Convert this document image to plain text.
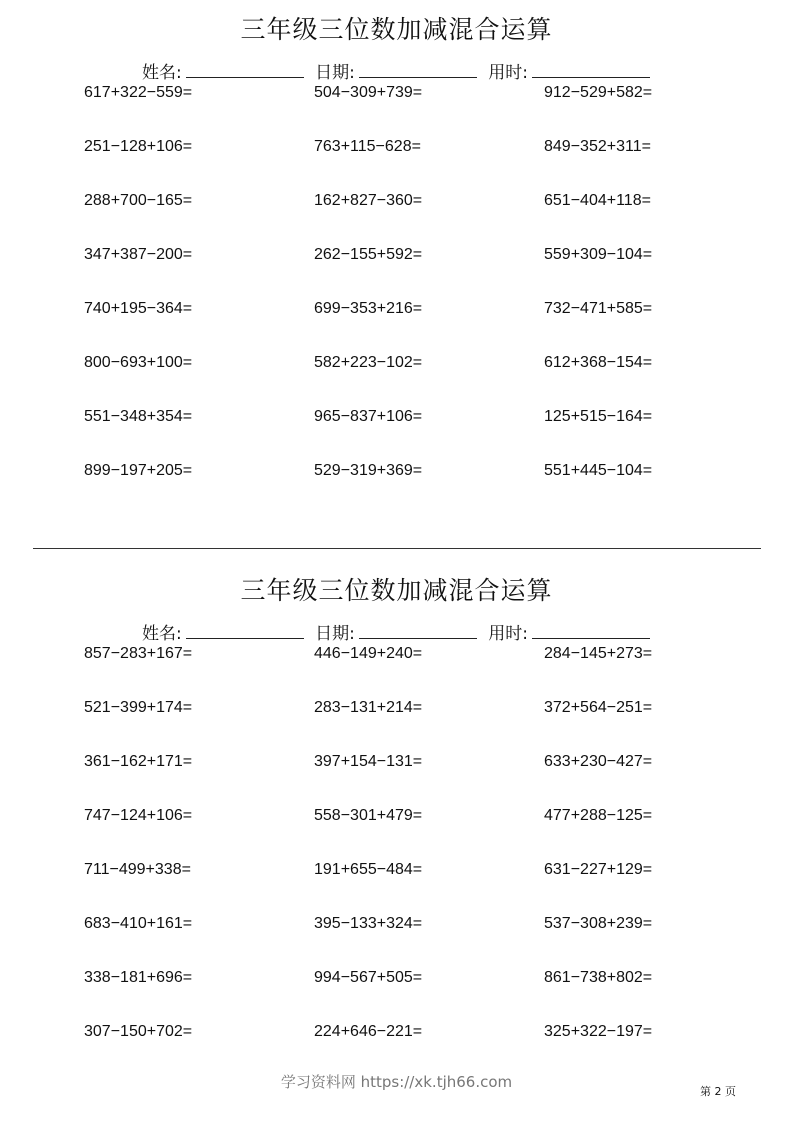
三年级三位数加减混合运算
姓名:	日期:	用时:
617+322−559=	504−309+739=	912−529+582=
251−128+106=	763+115−628=	849−352+311=
288+700−165=	162+827−360=	651−404+118=
347+387−200=	262−155+592=	559+309−104=
740+195−364=	699−353+216=	732−471+585=
800−693+100=	582+223−102=	612+368−154=
551−348+354=	965−837+106=	125+515−164=
899−197+205=	529−319+369=	551+445−104=
三年级三位数加减混合运算
姓名:	日期:	用时:
857−283+167=	446−149+240=	284−145+273=
521−399+174=	283−131+214=	372+564−251=
361−162+171=	397+154−131=	633+230−427=
747−124+106=	558−301+479=	477+288−125=
711−499+338=	191+655−484=	631−227+129=
683−410+161=	395−133+324=	537−308+239=
338−181+696=	994−567+505=	861−738+802=
307−150+702=	224+646−221=	325+322−197=
学习资料网 https://xk.tjh66.com
第 2 页
